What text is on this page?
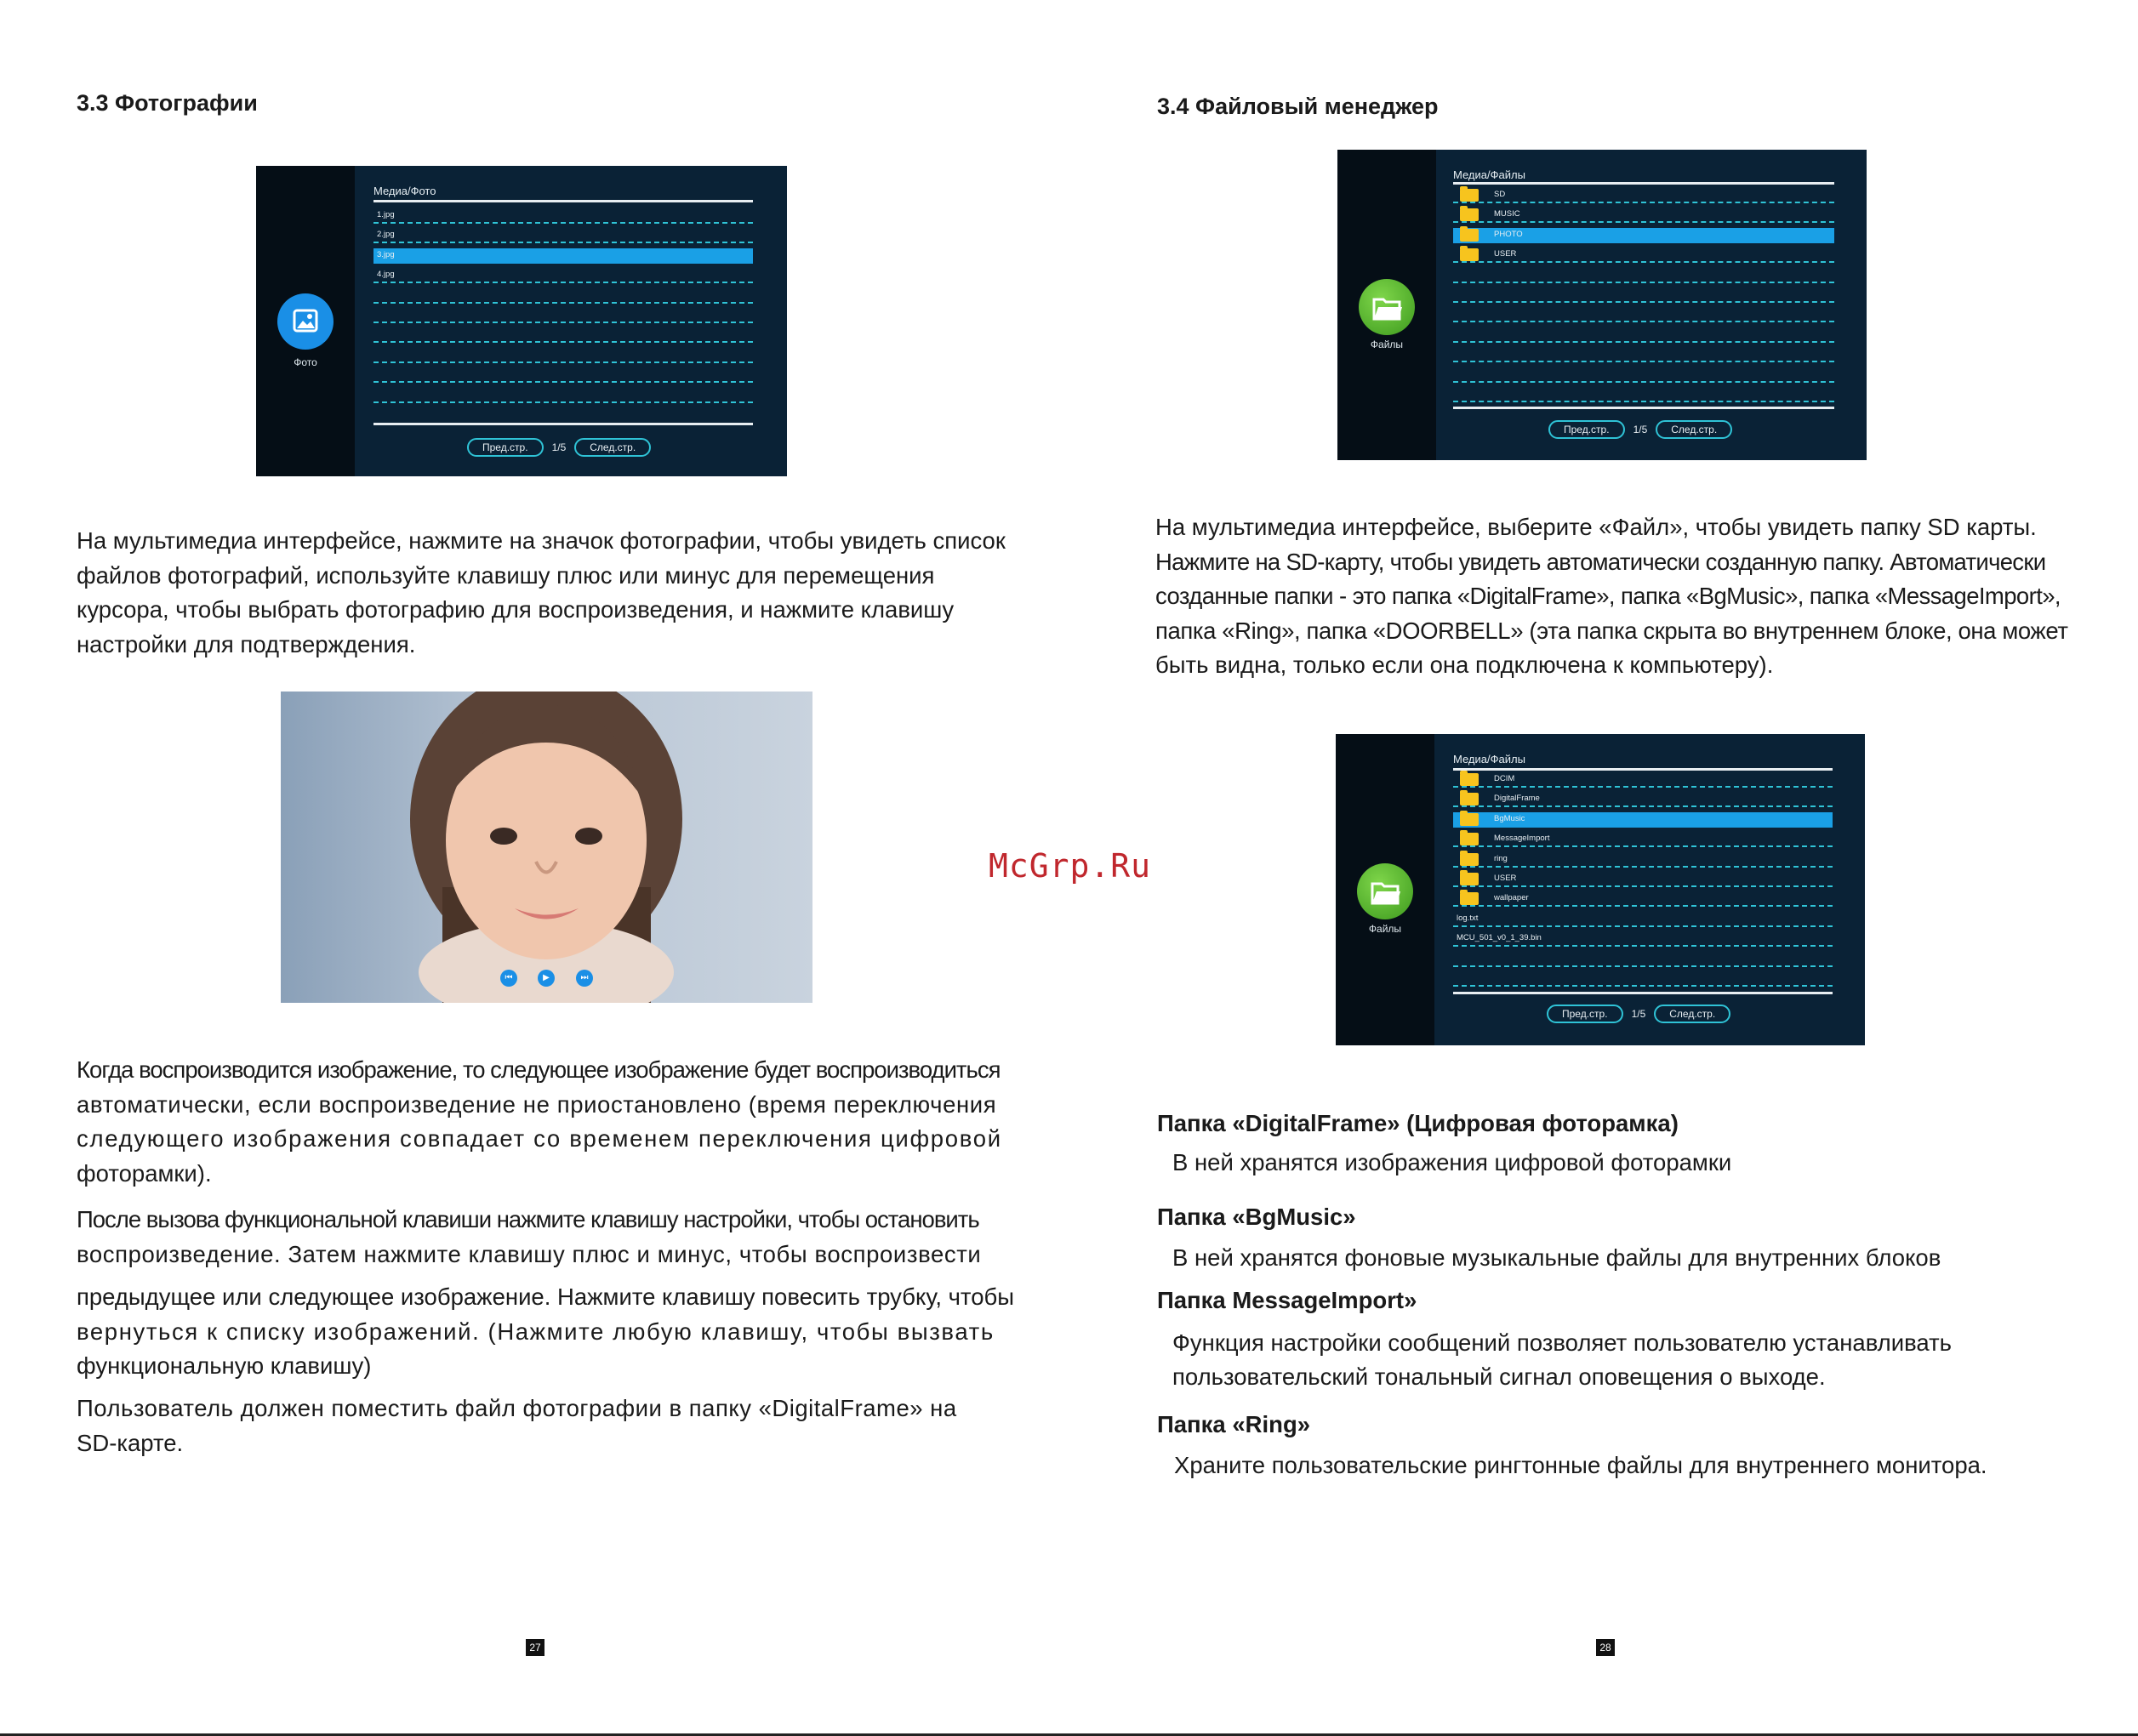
3.3 Фотографии
Фото
Медиа/Фото
1.jpg
2.jpg
3.jpg
4.jpg
Пред.стр.	1/5	След.стр.

На мультимедиа интерфейсе, нажмите на значок фотографии, чтобы увидеть список

файлов фотографий, используйте клавишу плюс или минус для перемещения

курсора, чтобы выбрать фотографию для воспроизведения, и нажмите клавишу

настройки для подтверждения.

⏮	▶	⏭

Когда воспроизводится изображение, то следующее изображение будет воспроизводиться

автоматически, если воспроизведение не приостановлено (время переключения

следующего изображения совпадает со временем переключения цифровой

фоторамки).

После вызова функциональной клавиши нажмите клавишу настройки, чтобы остановить

воспроизведение. Затем нажмите клавишу плюс и минус, чтобы воспроизвести

предыдущее или следующее изображение. Нажмите клавишу повесить трубку, чтобы

вернуться к списку изображений. (Нажмите любую клавишу, чтобы вызвать

функциональную клавишу)

Пользователь должен поместить файл фотографии в папку «DigitalFrame» на

SD-карте.

27
McGrp.Ru
3.4 Файловый менеджер
Файлы
Медиа/Файлы
SD
MUSIC
PHOTO
USER
Пред.стр.	1/5	След.стр.

На мультимедиа интерфейсе, выберите «Файл», чтобы увидеть папку SD карты.

Нажмите на SD-карту, чтобы увидеть автоматически созданную папку. Автоматически

созданные папки - это папка «DigitalFrame», папка «BgMusic», папка «MessageImport»,

папка «Ring», папка «DOORBELL» (эта папка скрыта во внутреннем блоке, она может

быть видна, только если она подключена к компьютеру).

Файлы
Медиа/Файлы
DCIM
DigitalFrame
BgMusic
MessageImport
ring
USER
wallpaper
log.txt
MCU_501_v0_1_39.bin
Пред.стр.	1/5	След.стр.

Папка «DigitalFrame» (Цифровая фоторамка)

В ней хранятся изображения цифровой фоторамки

Папка «BgMusic»

В ней хранятся фоновые музыкальные файлы для внутренних блоков

Папка MessageImport»

Функция настройки сообщений позволяет пользователю устанавливать

пользовательский тональный сигнал оповещения о выходе.

Папка «Ring»

Храните пользовательские рингтонные файлы для внутреннего монитора.

28
